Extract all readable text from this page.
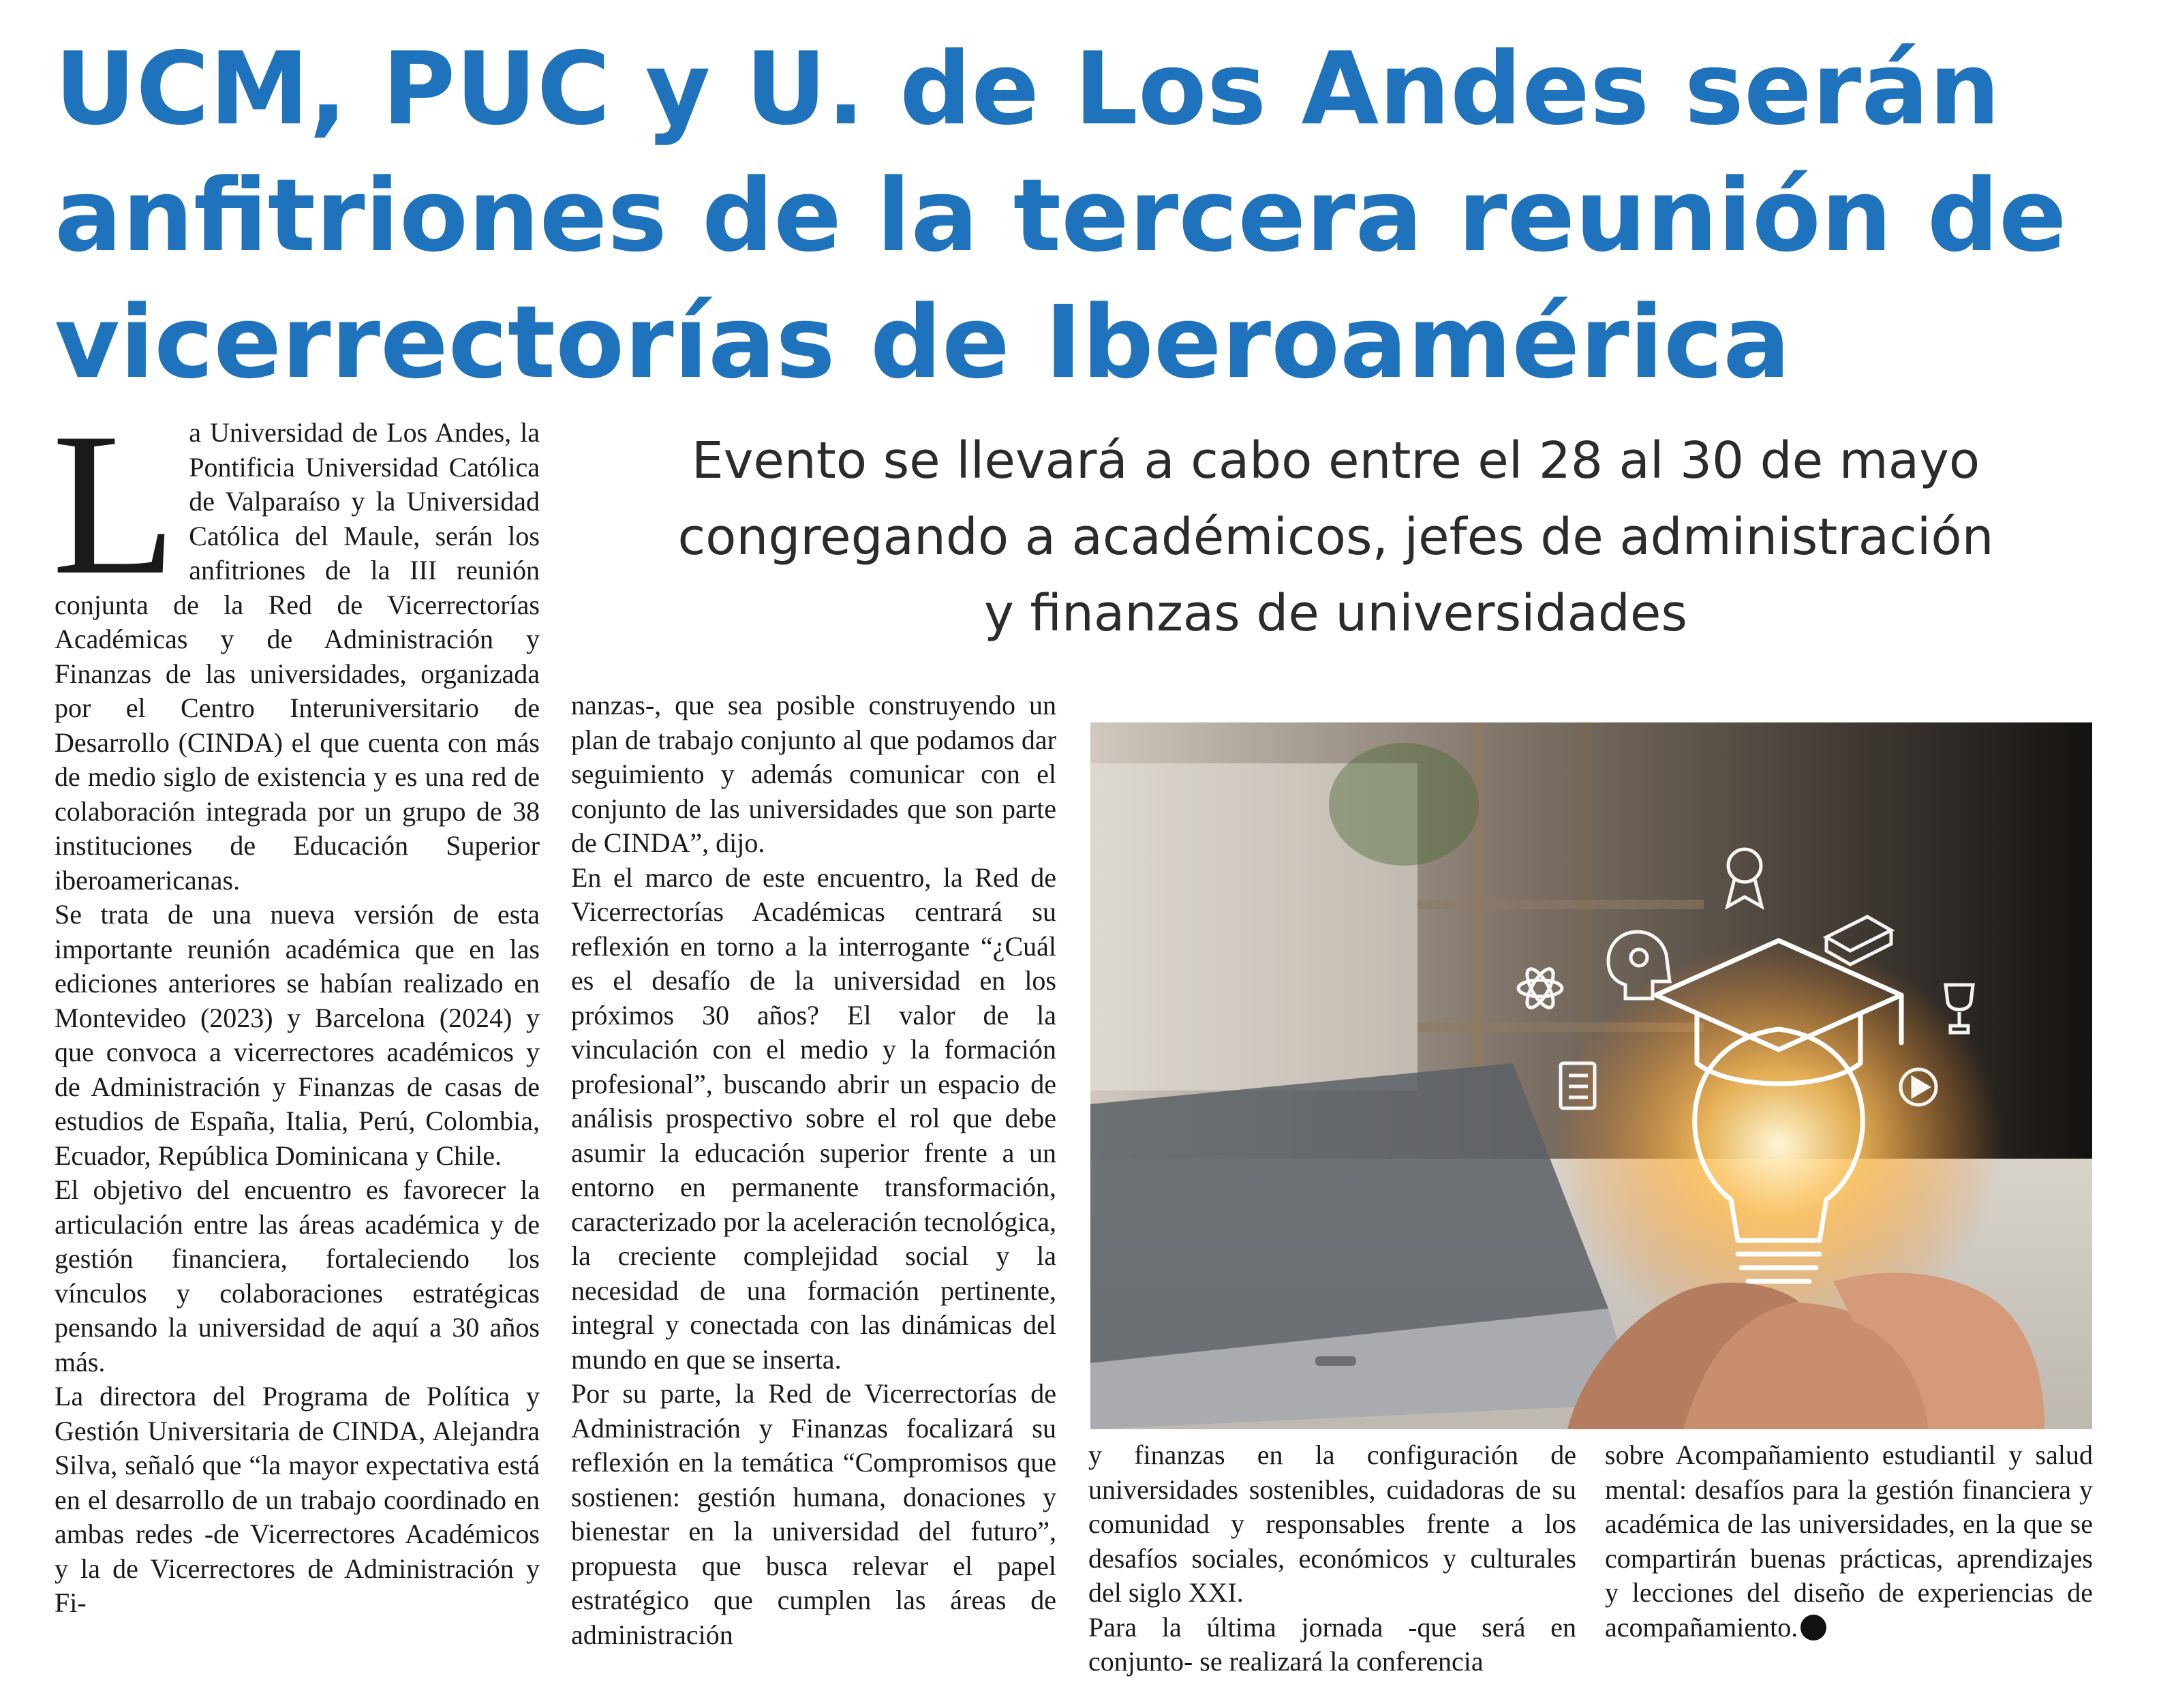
UCM, PUC y U. de Los Andes serán
anfitriones de la tercera reunión de
vicerrectorías de Iberoamérica
Evento se llevará a cabo entre el 28 al 30 de mayo
congregando a académicos, jefes de administración
y finanzas de universidades
L a Universidad de Los Andes, la Pontificia Universidad Católica de Valparaíso y la Universidad Católica del Maule, serán los anfitriones de la III reunión conjunta de la Red de Vicerrectorías Académicas y de Administración y Finanzas de las universidades, organizada por el Centro Interuniversitario de Desarrollo (CINDA) el que cuenta con más de medio siglo de existencia y es una red de colaboración integrada por un grupo de 38 instituciones de Educación Superior iberoamericanas.

Se trata de una nueva versión de esta importante reunión académica que en las ediciones anteriores se habían realizado en Montevideo (2023) y Barcelona (2024) y que convoca a vicerrectores académicos y de Administración y Finanzas de casas de estudios de España, Italia, Perú, Colombia, Ecuador, República Dominicana y Chile.

El objetivo del encuentro es favorecer la articulación entre las áreas académica y de gestión financiera, fortaleciendo los vínculos y colaboraciones estratégicas pensando la universidad de aquí a 30 años más.

La directora del Programa de Política y Gestión Universitaria de CINDA, Alejandra Silva, señaló que “la mayor expectativa está en el desarrollo de un trabajo coordinado en ambas redes -de Vicerrectores Académicos y la de Vicerrectores de Administración y Fi-

nanzas-, que sea posible construyendo un plan de trabajo conjunto al que podamos dar seguimiento y además comunicar con el conjunto de las universidades que son parte de CINDA”, dijo.

En el marco de este encuentro, la Red de Vicerrectorías Académicas centrará su reflexión en torno a la interrogante “¿Cuál es el desafío de la universidad en los próximos 30 años? El valor de la vinculación con el medio y la formación profesional”, buscando abrir un espacio de análisis prospectivo sobre el rol que debe asumir la educación superior frente a un entorno en permanente transformación, caracterizado por la aceleración tecnológica, la creciente complejidad social y la necesidad de una formación pertinente, integral y conectada con las dinámicas del mundo en que se inserta.

Por su parte, la Red de Vicerrectorías de Administración y Finanzas focalizará su reflexión en la temática “Compromisos que sostienen: gestión humana, donaciones y bienestar en la universidad del futuro”, propuesta que busca relevar el papel estratégico que cumplen las áreas de administración

y finanzas en la configuración de universidades sostenibles, cuidadoras de su comunidad y responsables frente a los desafíos sociales, económicos y culturales del siglo XXI.

Para la última jornada -que será en conjunto- se realizará la conferencia

sobre Acompañamiento estudiantil y salud mental: desafíos para la gestión financiera y académica de las universidades, en la que se compartirán buenas prácticas, aprendizajes y lecciones del diseño de experiencias de acompañamiento.
